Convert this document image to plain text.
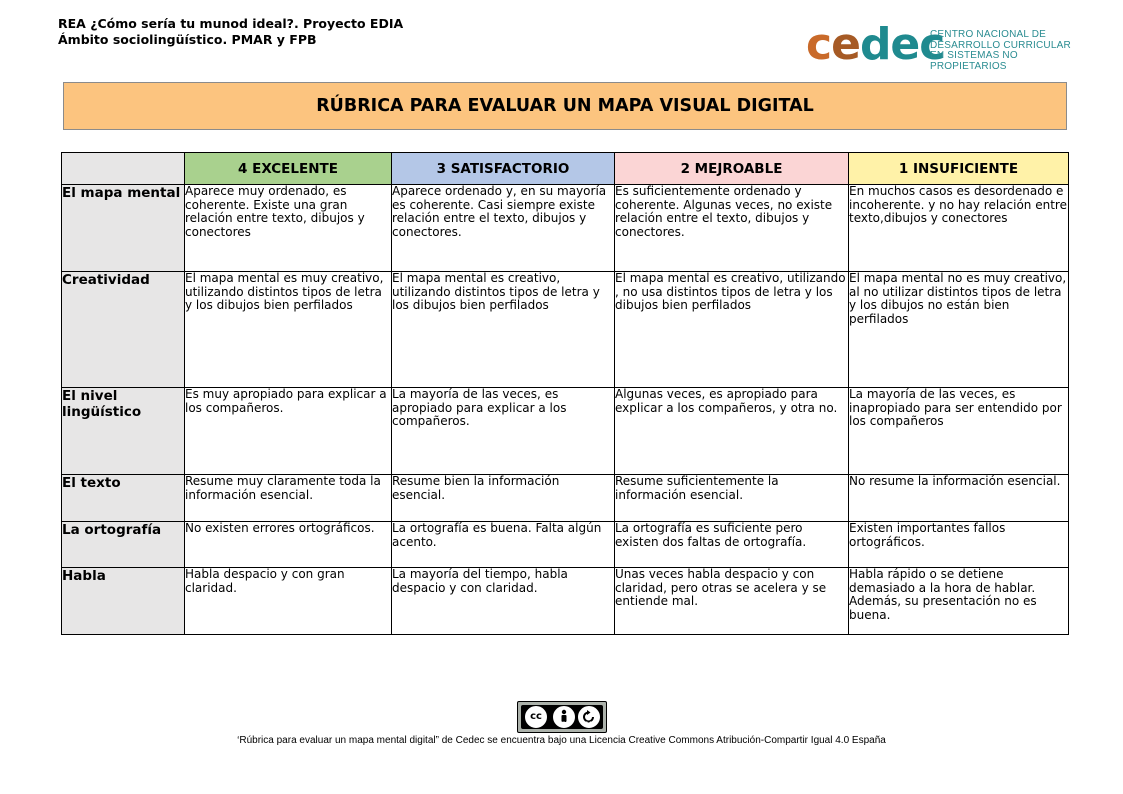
REA ¿Cómo sería tu munod ideal?. Proyecto EDIA
Ámbito sociolingüístico. PMAR y FPB	cedec
CENTRO NACIONAL DE
DESARROLLO CURRICULAR
EN SISTEMAS NO PROPIETARIOS
RÚBRICA PARA EVALUAR UN MAPA VISUAL DIGITAL
	4 EXCELENTE	3 SATISFACTORIO	2 MEJROABLE	1 INSUFICIENTE
El mapa mental	Aparece muy ordenado, es coherente. Existe una gran relación entre texto, dibujos y conectores	Aparece ordenado y, en su mayoría es coherente. Casi siempre existe relación entre el texto, dibujos y conectores.	Es suficientemente ordenado y coherente. Algunas veces, no existe relación entre el texto, dibujos y conectores.	En muchos casos es desordenado e incoherente. y no hay relación entre texto,dibujos y conectores
Creatividad	El mapa mental es muy creativo, utilizando distintos tipos de letra y los dibujos bien perfilados	El mapa mental es creativo, utilizando distintos tipos de letra y los dibujos bien perfilados	El mapa mental es creativo, utilizando , no usa distintos tipos de letra y los dibujos bien perfilados	El mapa mental no es muy creativo, al no utilizar distintos tipos de letra y los dibujos no están bien perfilados
El nivel lingüístico	Es muy apropiado para explicar a los compañeros.	La mayoría de las veces, es apropiado para explicar a los compañeros.	Algunas veces, es apropiado para explicar a los compañeros, y otra no.	La mayoría de las veces, es inapropiado para ser entendido por los compañeros
El texto	Resume muy claramente toda la información esencial.	Resume bien la información esencial.	Resume suficientemente la información esencial.	No resume la información esencial.
La ortografía	No existen errores ortográficos.	La ortografía es buena. Falta algún acento.	La ortografía es suficiente pero existen dos faltas de ortografía.	Existen importantes fallos ortográficos.
Habla	Habla despacio y con gran claridad.	La mayoría del tiempo, habla despacio y con claridad.	Unas veces habla despacio y con claridad, pero otras se acelera y se entiende mal.	Habla rápido o se detiene demasiado a la hora de hablar. Además, su presentación no es buena.
cc
BY	SA
‘Rúbrica para evaluar un mapa mental digital” de Cedec se encuentra bajo una Licencia Creative Commons Atribución-Compartir Igual 4.0 España
